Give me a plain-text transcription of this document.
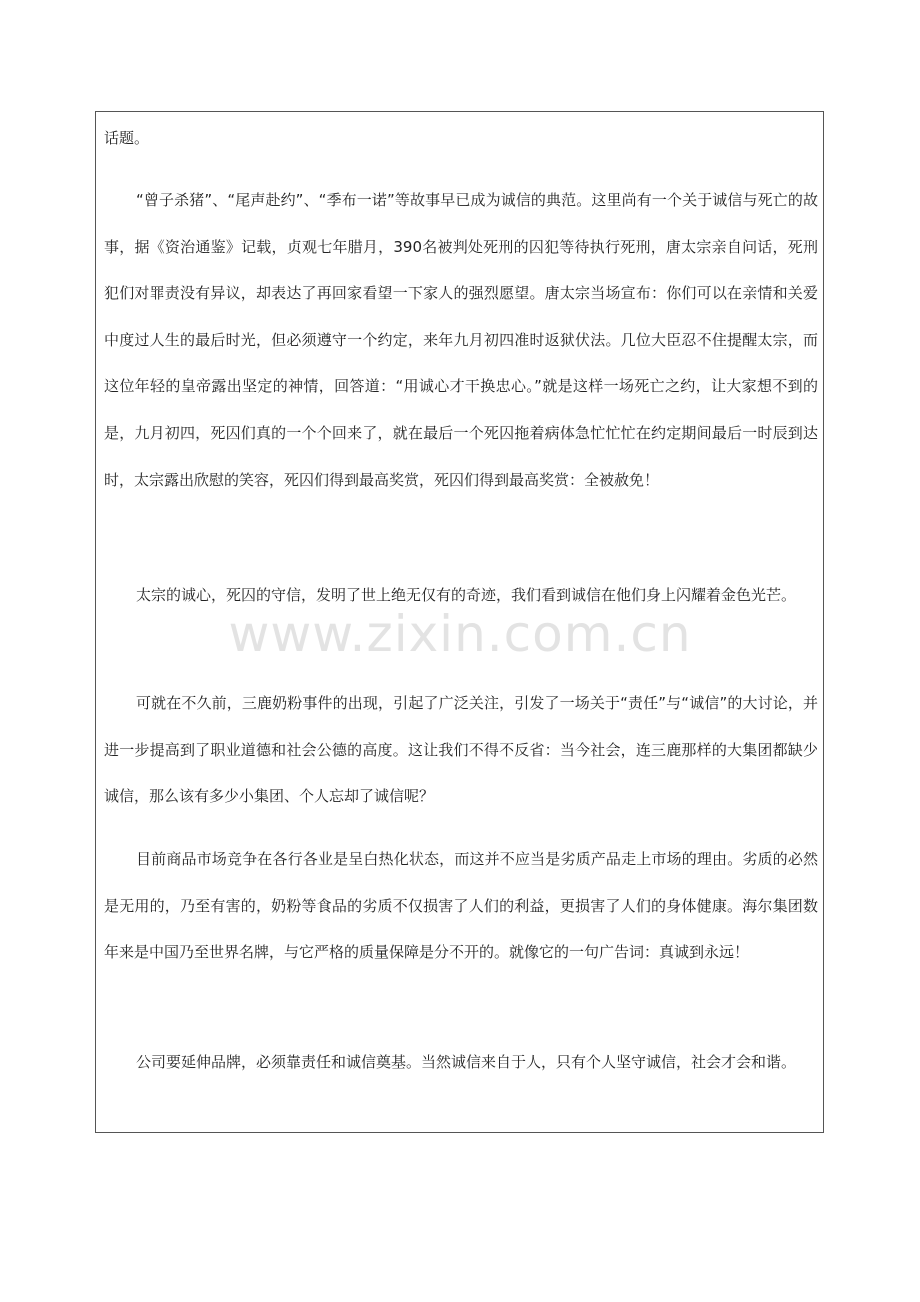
话题。

“曾子杀猪”、“尾声赴约”、“季布一诺”等故事早已成为诚信的典范。这里尚有一个关于诚信与死亡的故事，据《资治通鉴》记载，贞观七年腊月，390名被判处死刑的囚犯等待执行死刑，唐太宗亲自问话，死刑犯们对罪责没有异议，却表达了再回家看望一下家人的强烈愿望。唐太宗当场宣布：你们可以在亲情和关爱中度过人生的最后时光，但必须遵守一个约定，来年九月初四准时返狱伏法。几位大臣忍不住提醒太宗，而这位年轻的皇帝露出坚定的神情，回答道：“用诚心才干换忠心。”就是这样一场死亡之约，让大家想不到的是，九月初四，死囚们真的一个个回来了，就在最后一个死囚拖着病体急忙忙忙在约定期间最后一时辰到达时，太宗露出欣慰的笑容，死囚们得到最高奖赏，死囚们得到最高奖赏：全被赦免！

太宗的诚心，死囚的守信，发明了世上绝无仅有的奇迹，我们看到诚信在他们身上闪耀着金色光芒。

可就在不久前，三鹿奶粉事件的出现，引起了广泛关注，引发了一场关于“责任”与“诚信”的大讨论，并进一步提高到了职业道德和社会公德的高度。这让我们不得不反省：当今社会，连三鹿那样的大集团都缺少诚信，那么该有多少小集团、个人忘却了诚信呢？

目前商品市场竞争在各行各业是呈白热化状态，而这并不应当是劣质产品走上市场的理由。劣质的必然是无用的，乃至有害的，奶粉等食品的劣质不仅损害了人们的利益，更损害了人们的身体健康。海尔集团数年来是中国乃至世界名牌，与它严格的质量保障是分不开的。就像它的一句广告词：真诚到永远！

公司要延伸品牌，必须靠责任和诚信奠基。当然诚信来自于人，只有个人坚守诚信，社会才会和谐。

www.zixin.com.cn
